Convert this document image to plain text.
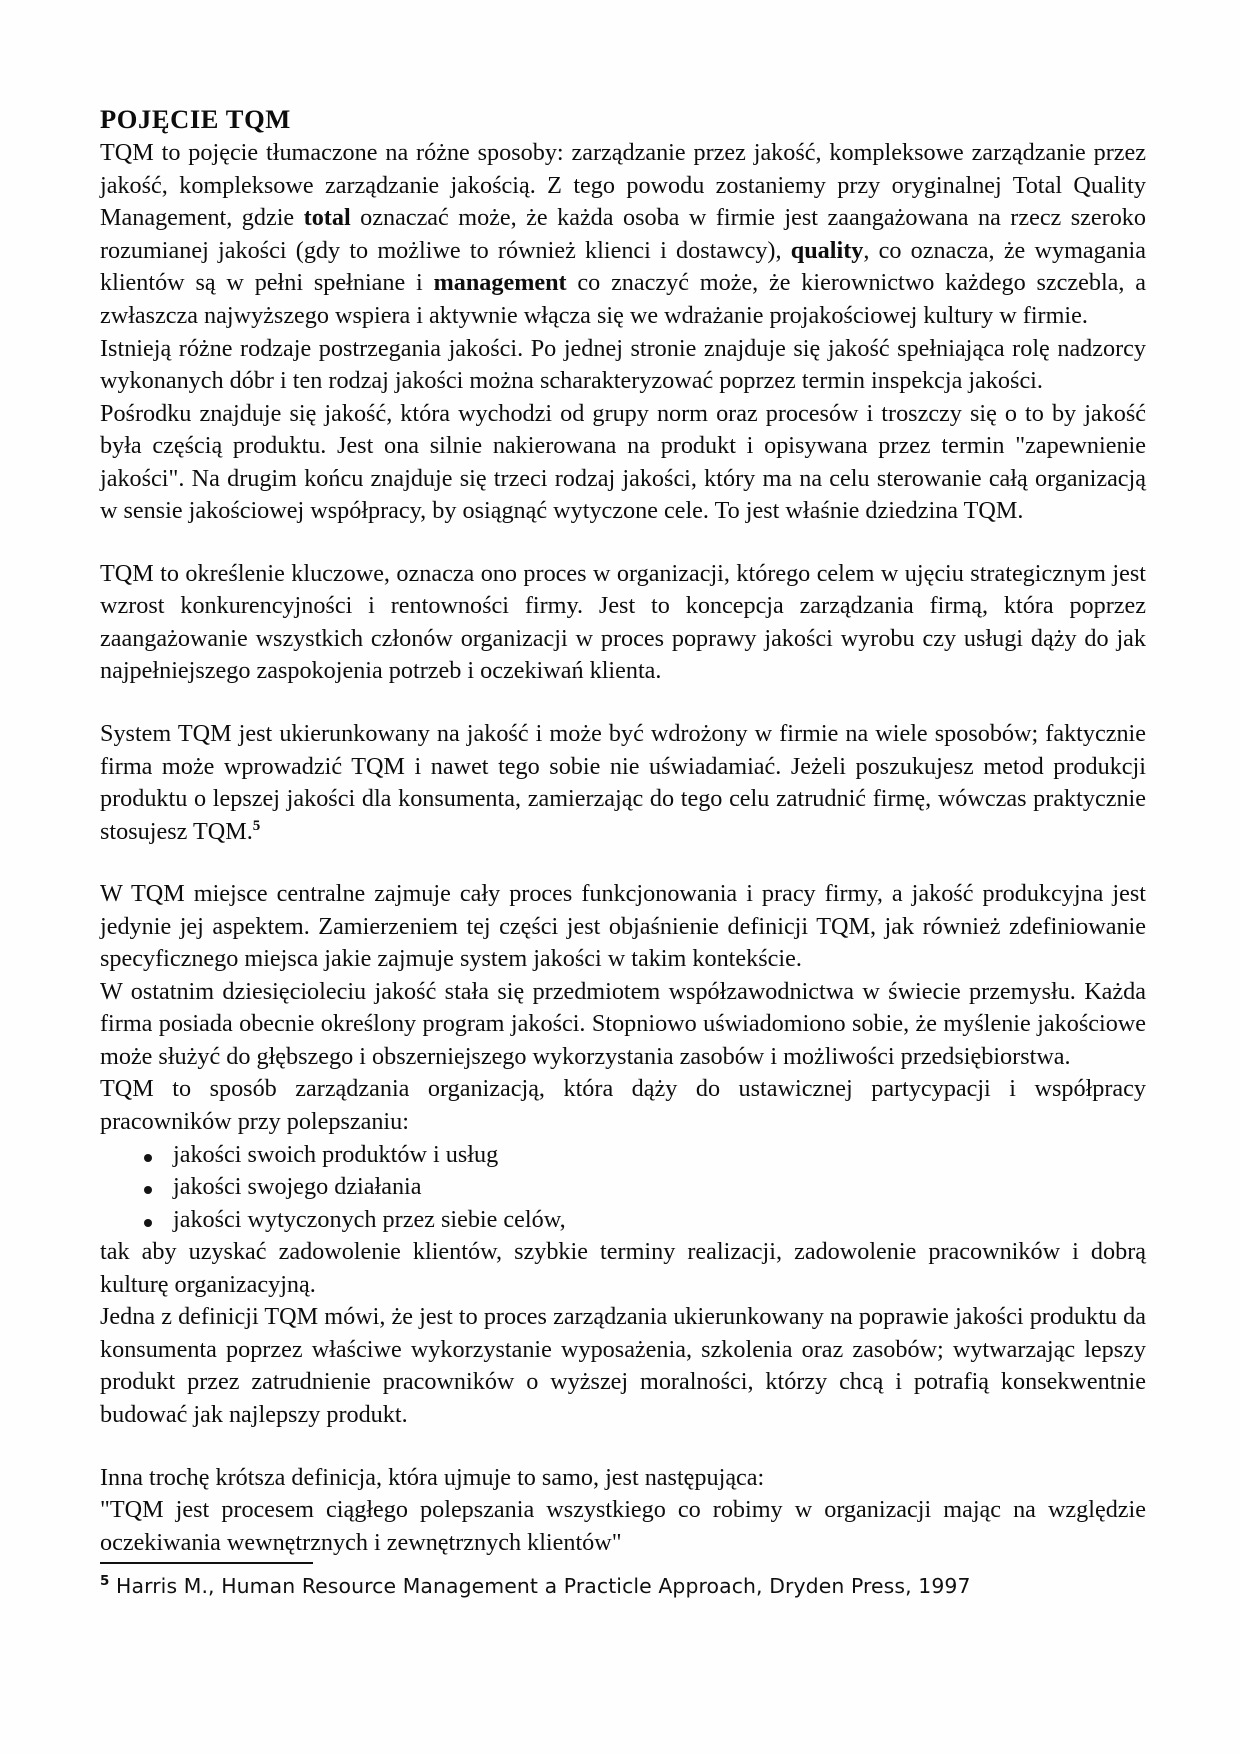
POJĘCIE TQM

TQM to pojęcie tłumaczone na różne sposoby: zarządzanie przez jakość, kompleksowe zarządzanie przez jakość, kompleksowe zarządzanie jakością. Z tego powodu zostaniemy przy oryginalnej Total Quality Management, gdzie total oznaczać może, że każda osoba w firmie jest zaangażowana na rzecz szeroko rozumianej jakości (gdy to możliwe to również klienci i dostawcy), quality, co oznacza, że wymagania klientów są w pełni spełniane i management co znaczyć może, że kierownictwo każdego szczebla, a zwłaszcza najwyższego wspiera i aktywnie włącza się we wdrażanie projakościowej kultury w firmie.

Istnieją różne rodzaje postrzegania jakości. Po jednej stronie znajduje się jakość spełniająca rolę nadzorcy wykonanych dóbr i ten rodzaj jakości można scharakteryzować poprzez termin inspekcja jakości.

Pośrodku znajduje się jakość, która wychodzi od grupy norm oraz procesów i troszczy się o to by jakość była częścią produktu. Jest ona silnie nakierowana na produkt i opisywana przez termin "zapewnienie jakości". Na drugim końcu znajduje się trzeci rodzaj jakości, który ma na celu sterowanie całą organizacją w sensie jakościowej współpracy, by osiągnąć wytyczone cele. To jest właśnie dziedzina TQM.

TQM to określenie kluczowe, oznacza ono proces w organizacji, którego celem w ujęciu strategicznym jest wzrost konkurencyjności i rentowności firmy. Jest to koncepcja zarządzania firmą, która poprzez zaangażowanie wszystkich członów organizacji w proces poprawy jakości wyrobu czy usługi dąży do jak najpełniejszego zaspokojenia potrzeb i oczekiwań klienta.

System TQM jest ukierunkowany na jakość i może być wdrożony w firmie na wiele sposobów; faktycznie firma może wprowadzić TQM i nawet tego sobie nie uświadamiać. Jeżeli poszukujesz metod produkcji produktu o lepszej jakości dla konsumenta, zamierzając do tego celu zatrudnić firmę, wówczas praktycznie stosujesz TQM.$^5$

W TQM miejsce centralne zajmuje cały proces funkcjonowania i pracy firmy, a jakość produkcyjna jest jedynie jej aspektem. Zamierzeniem tej części jest objaśnienie definicji TQM, jak również zdefiniowanie specyficznego miejsca jakie zajmuje system jakości w takim kontekście.

W ostatnim dziesięcioleciu jakość stała się przedmiotem współzawodnictwa w świecie przemysłu. Każda firma posiada obecnie określony program jakości. Stopniowo uświadomiono sobie, że myślenie jakościowe może służyć do głębszego i obszerniejszego wykorzystania zasobów i możliwości przedsiębiorstwa.

TQM to sposób zarządzania organizacją, która dąży do ustawicznej partycypacji i współpracy pracowników przy polepszaniu:

jakości swoich produktów i usług
jakości swojego działania
jakości wytyczonych przez siebie celów,

tak aby uzyskać zadowolenie klientów, szybkie terminy realizacji, zadowolenie pracowników i dobrą kulturę organizacyjną.

Jedna z definicji TQM mówi, że jest to proces zarządzania ukierunkowany na poprawie jakości produktu da konsumenta poprzez właściwe wykorzystanie wyposażenia, szkolenia oraz zasobów; wytwarzając lepszy produkt przez zatrudnienie pracowników o wyższej moralności, którzy chcą i potrafią konsekwentnie budować jak najlepszy produkt.

Inna trochę krótsza definicja, która ujmuje to samo, jest następująca:

"TQM jest procesem ciągłego polepszania wszystkiego co robimy w organizacji mając na względzie oczekiwania wewnętrznych i zewnętrznych klientów"

$^5$ Harris M., Human Resource Management a Practicle Approach, Dryden Press, 1997
